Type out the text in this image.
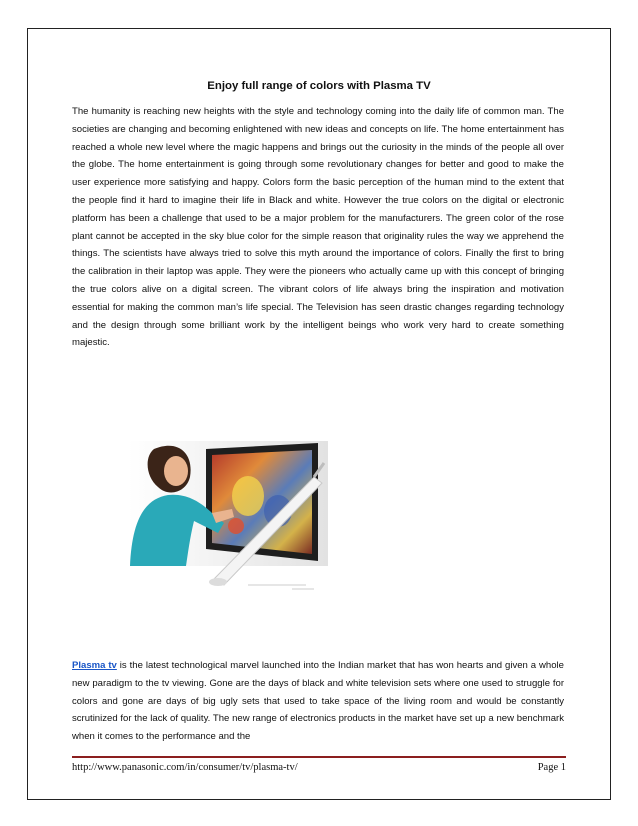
Enjoy full range of colors with Plasma TV

The humanity is reaching new heights with the style and technology coming into the daily life of common man. The societies are changing and becoming enlightened with new ideas and concepts on life. The home entertainment has reached a whole new level where the magic happens and brings out the curiosity in the minds of the people all over the globe. The home entertainment is going through some revolutionary changes for better and good to make the user experience more satisfying and happy. Colors form the basic perception of the human mind to the extent that the people find it hard to imagine their life in Black and white. However the true colors on the digital or electronic platform has been a challenge that used to be a major problem for the manufacturers. The green color of the rose plant cannot be accepted in the sky blue color for the simple reason that originality rules the way we apprehend the things. The scientists have always tried to solve this myth around the importance of colors. Finally the first to bring the calibration in their laptop was apple. They were the pioneers who actually came up with this concept of bringing the true colors alive on a digital screen. The vibrant colors of life always bring the inspiration and motivation essential for making the common man’s life special. The Television has seen drastic changes regarding technology and the design through some brilliant work by the intelligent beings who work very hard to create something majestic.

Plasma tv is the latest technological marvel launched into the Indian market that has won hearts and given a whole new paradigm to the tv viewing. Gone are the days of black and white television sets where one used to struggle for colors and gone are days of big ugly sets that used to take space of the living room and would be constantly scrutinized for the lack of quality. The new range of electronics products in the market have set up a new benchmark when it comes to the performance and the

http://www.panasonic.com/in/consumer/tv/plasma-tv/	Page 1
